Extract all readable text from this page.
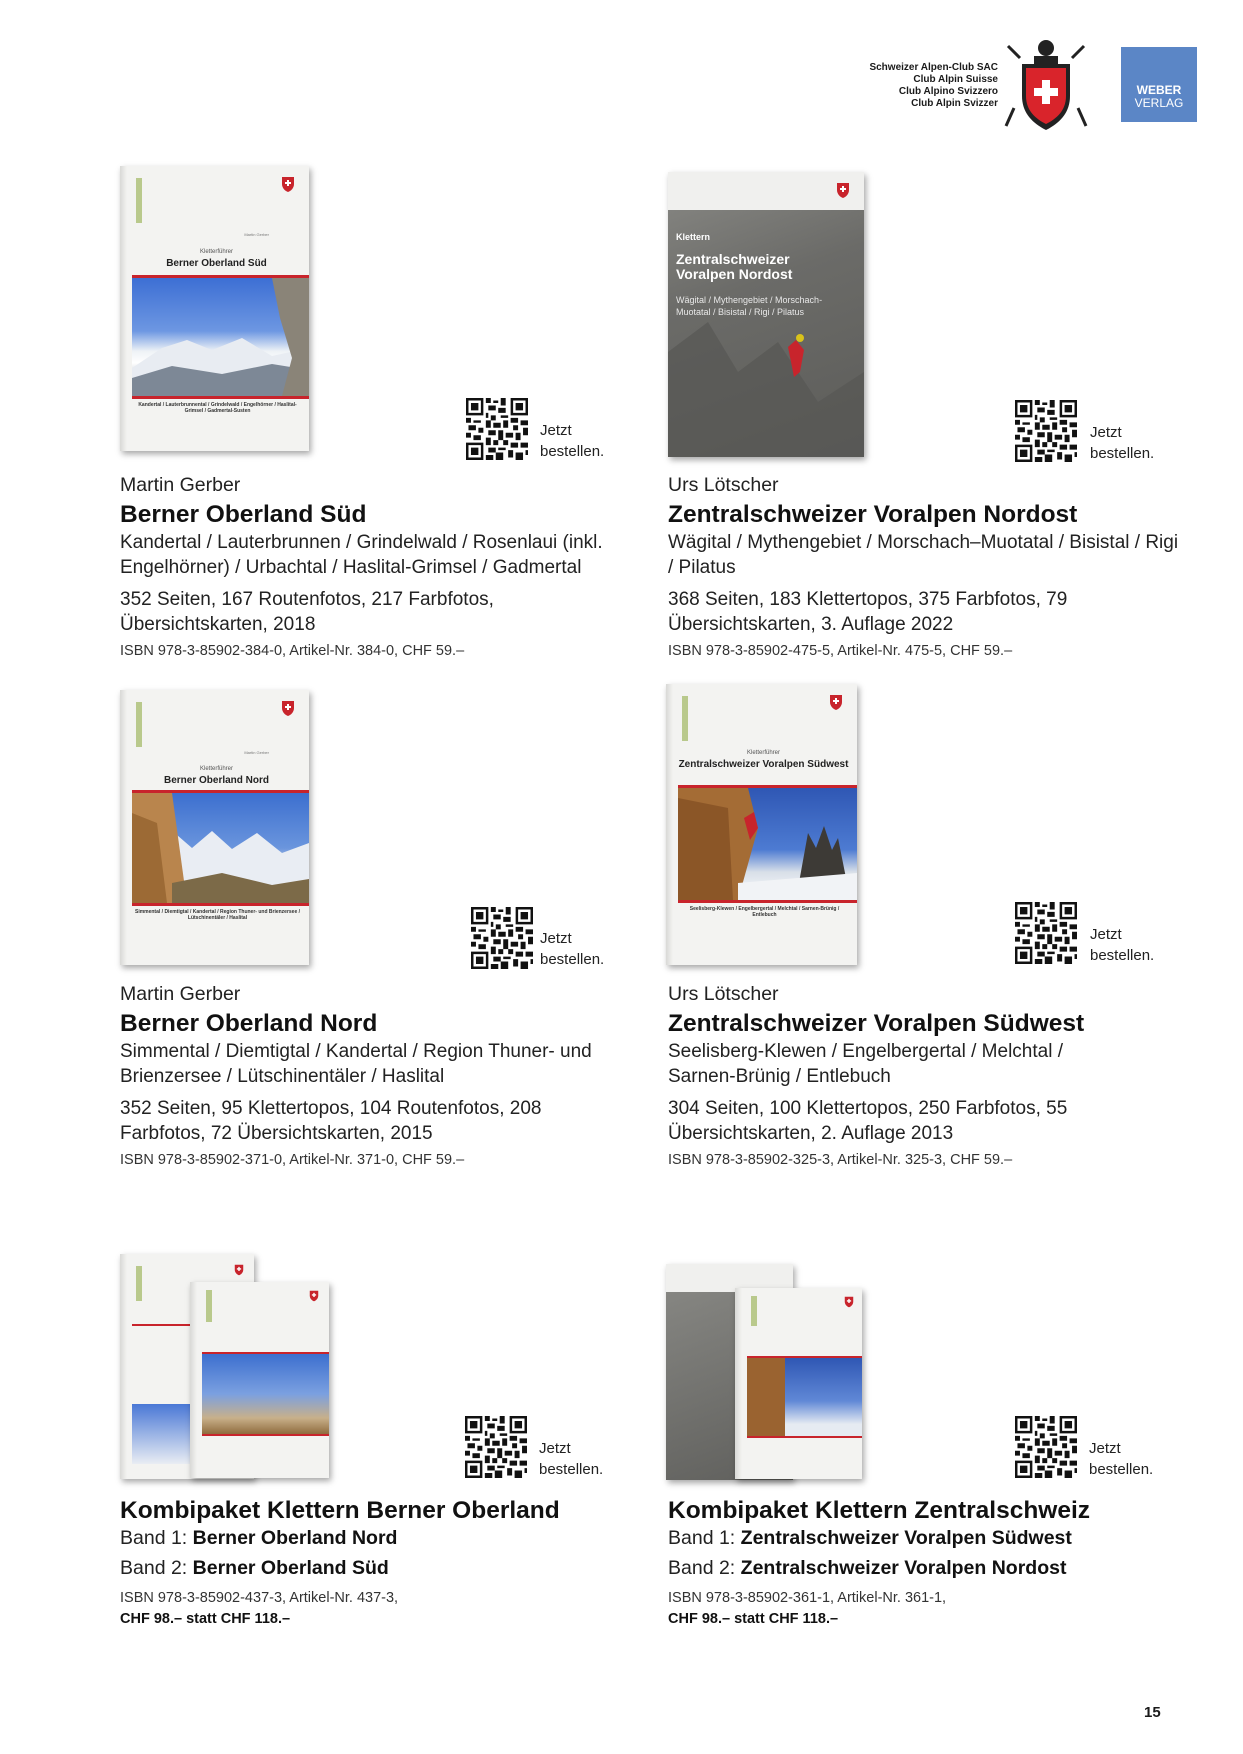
Schweizer Alpen-Club SAC
Club Alpin Suisse
Club Alpino Svizzero
Club Alpin Svizzer
WEBER
VERLAG
Martin Gerber
Kletterführer
Berner Oberland Süd
Kandertal / Lauterbrunnental / Grindelwald / Engelhörner / Haslital-Grimsel / Gadmertal-Susten
Jetzt
bestellen.
Martin Gerber
Berner Oberland Süd
Kandertal / Lauterbrunnen / Grindelwald / Rosenlaui (inkl. Engelhörner) / Urbachtal / Haslital-Grimsel / Gadmertal
352 Seiten, 167 Routenfotos, 217 Farbfotos, Übersichtskarten, 2018
ISBN 978-3-85902-384-0, Artikel-Nr. 384-0, CHF 59.–
Klettern
Zentralschweizer Voralpen Nordost
Wägital / Mythengebiet / Morschach-Muotatal / Bisistal / Rigi / Pilatus
Jetzt
bestellen.
Urs Lötscher
Zentralschweizer Voralpen Nordost
Wägital / Mythengebiet / Morschach–Muotatal / Bisistal / Rigi / Pilatus
368 Seiten, 183 Klettertopos, 375 Farbfotos, 79 Übersichtskarten, 3. Auflage 2022
ISBN 978-3-85902-475-5, Artikel-Nr. 475-5, CHF 59.–
Martin Gerber
Kletterführer
Berner Oberland Nord
Simmental / Diemtigtal / Kandertal / Region Thuner- und Brienzersee / Lütschinentäler / Haslital
Jetzt
bestellen.
Martin Gerber
Berner Oberland Nord
Simmental / Diemtigtal / Kandertal / Region Thuner- und Brienzersee / Lütschinentäler / Haslital
352 Seiten, 95 Klettertopos, 104 Routenfotos, 208 Farbfotos, 72 Übersichtskarten, 2015
ISBN 978-3-85902-371-0, Artikel-Nr. 371-0, CHF 59.–
Kletterführer
Zentralschweizer Voralpen Südwest
Seelisberg-Klewen / Engelbergertal / Melchtal / Sarnen-Brünig / Entlebuch
Jetzt
bestellen.
Urs Lötscher
Zentralschweizer Voralpen Südwest
Seelisberg-Klewen / Engelbergertal / Melchtal / Sarnen-Brünig / Entlebuch
304 Seiten, 100 Klettertopos, 250 Farbfotos, 55 Übersichtskarten, 2. Auflage 2013
ISBN 978-3-85902-325-3, Artikel-Nr. 325-3, CHF 59.–
Jetzt
bestellen.
Kombipaket Klettern Berner Oberland
Band 1: Berner Oberland Nord
Band 2: Berner Oberland Süd
ISBN 978-3-85902-437-3, Artikel-Nr. 437-3,
CHF 98.– statt CHF 118.–
Jetzt
bestellen.
Kombipaket Klettern Zentralschweiz
Band 1: Zentralschweizer Voralpen Südwest
Band 2: Zentralschweizer Voralpen Nordost
ISBN 978-3-85902-361-1, Artikel-Nr. 361-1,
CHF 98.– statt CHF 118.–
15
